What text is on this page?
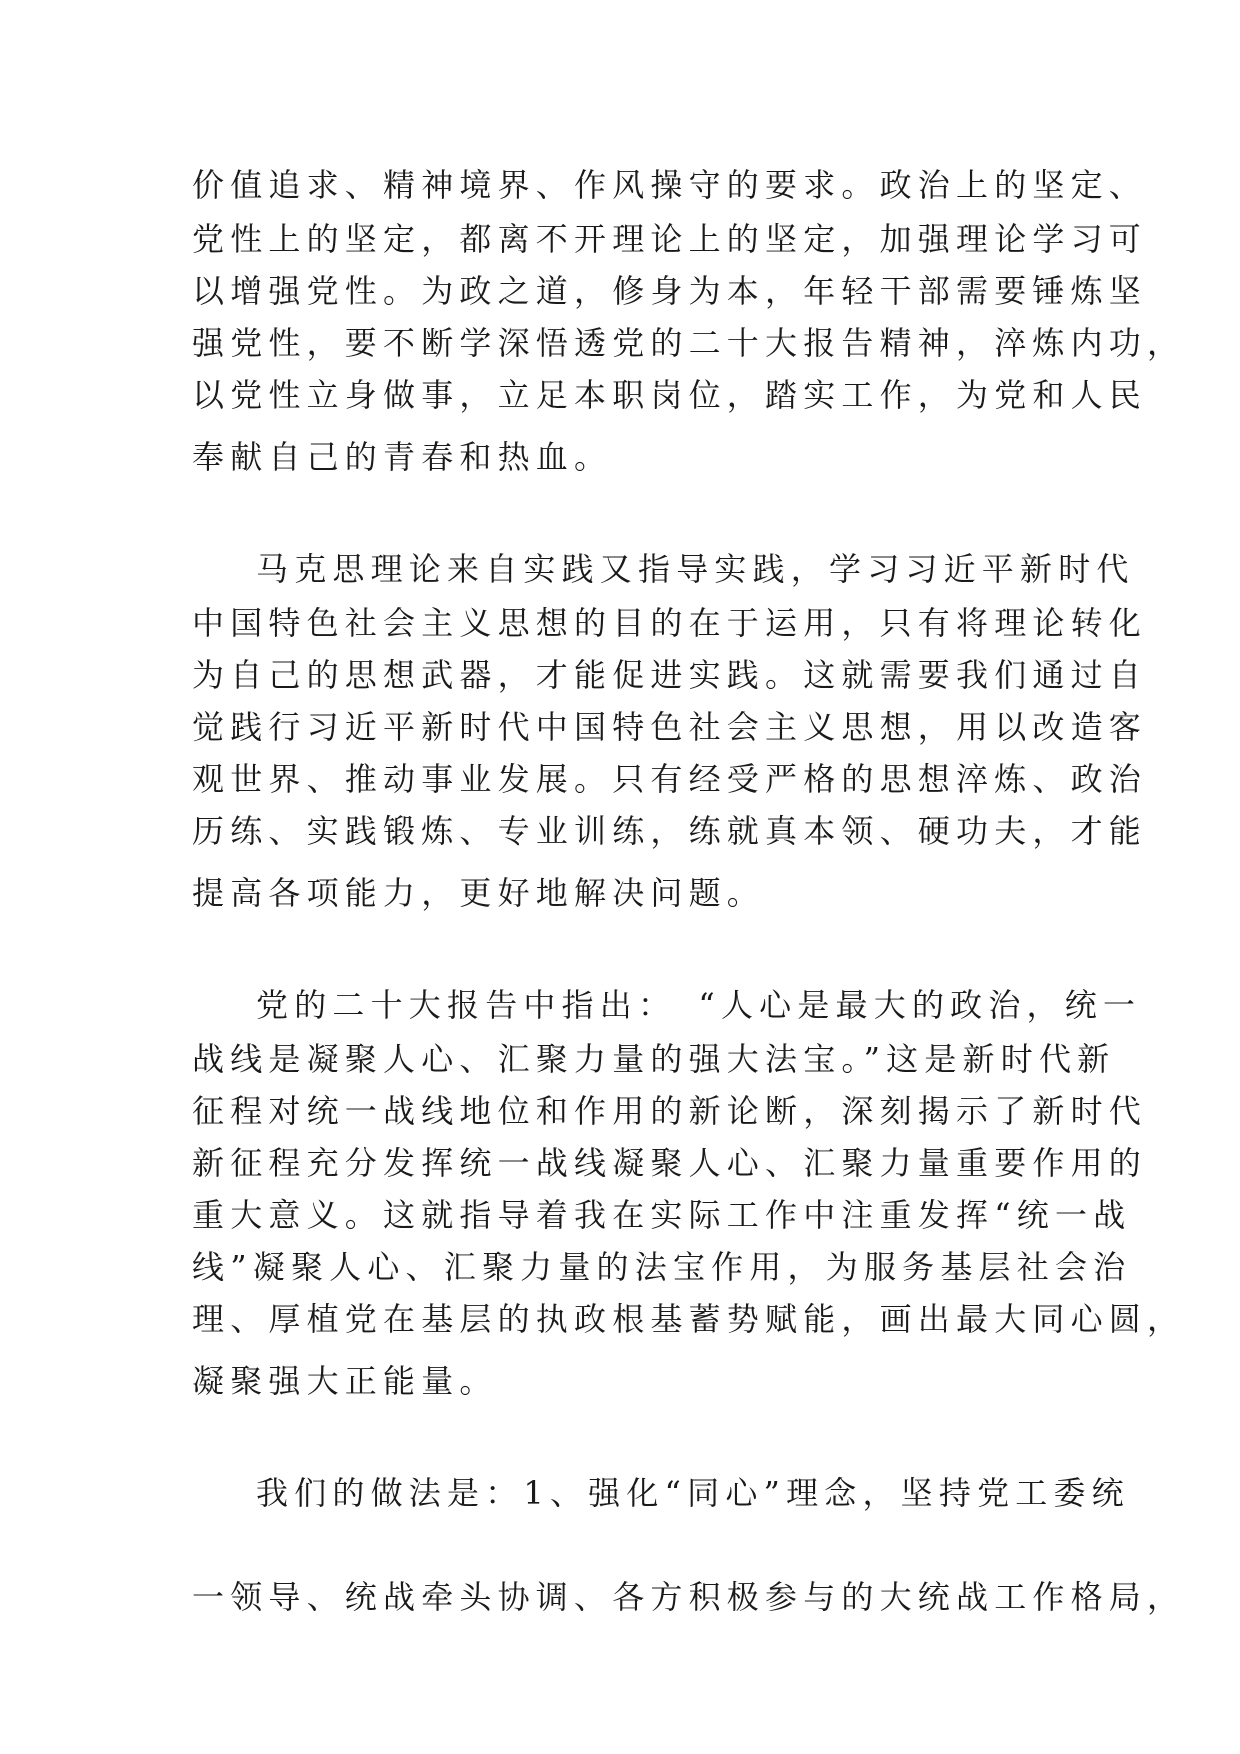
价值追求、精神境界、作风操守的要求。政治上的坚定、
党性上的坚定，都离不开理论上的坚定，加强理论学习可
以增强党性。为政之道，修身为本，年轻干部需要锤炼坚
强党性，要不断学深悟透党的二十大报告精神，淬炼内功，
以党性立身做事，立足本职岗位，踏实工作，为党和人民
奉献自己的青春和热血。
马克思理论来自实践又指导实践，学习习近平新时代
中国特色社会主义思想的目的在于运用，只有将理论转化
为自己的思想武器，才能促进实践。这就需要我们通过自
觉践行习近平新时代中国特色社会主义思想，用以改造客
观世界、推动事业发展。只有经受严格的思想淬炼、政治
历练、实践锻炼、专业训练，练就真本领、硬功夫，才能
提高各项能力，更好地解决问题。
党的二十大报告中指出：　“人心是最大的政治，统一
战线是凝聚人心、汇聚力量的强大法宝。”这是新时代新
征程对统一战线地位和作用的新论断，深刻揭示了新时代
新征程充分发挥统一战线凝聚人心、汇聚力量重要作用的
重大意义。这就指导着我在实际工作中注重发挥“统一战
线”凝聚人心、汇聚力量的法宝作用，为服务基层社会治
理、厚植党在基层的执政根基蓄势赋能，画出最大同心圆，
凝聚强大正能量。
我们的做法是：1、强化“同心”理念，坚持党工委统
一领导、统战牵头协调、各方积极参与的大统战工作格局，
